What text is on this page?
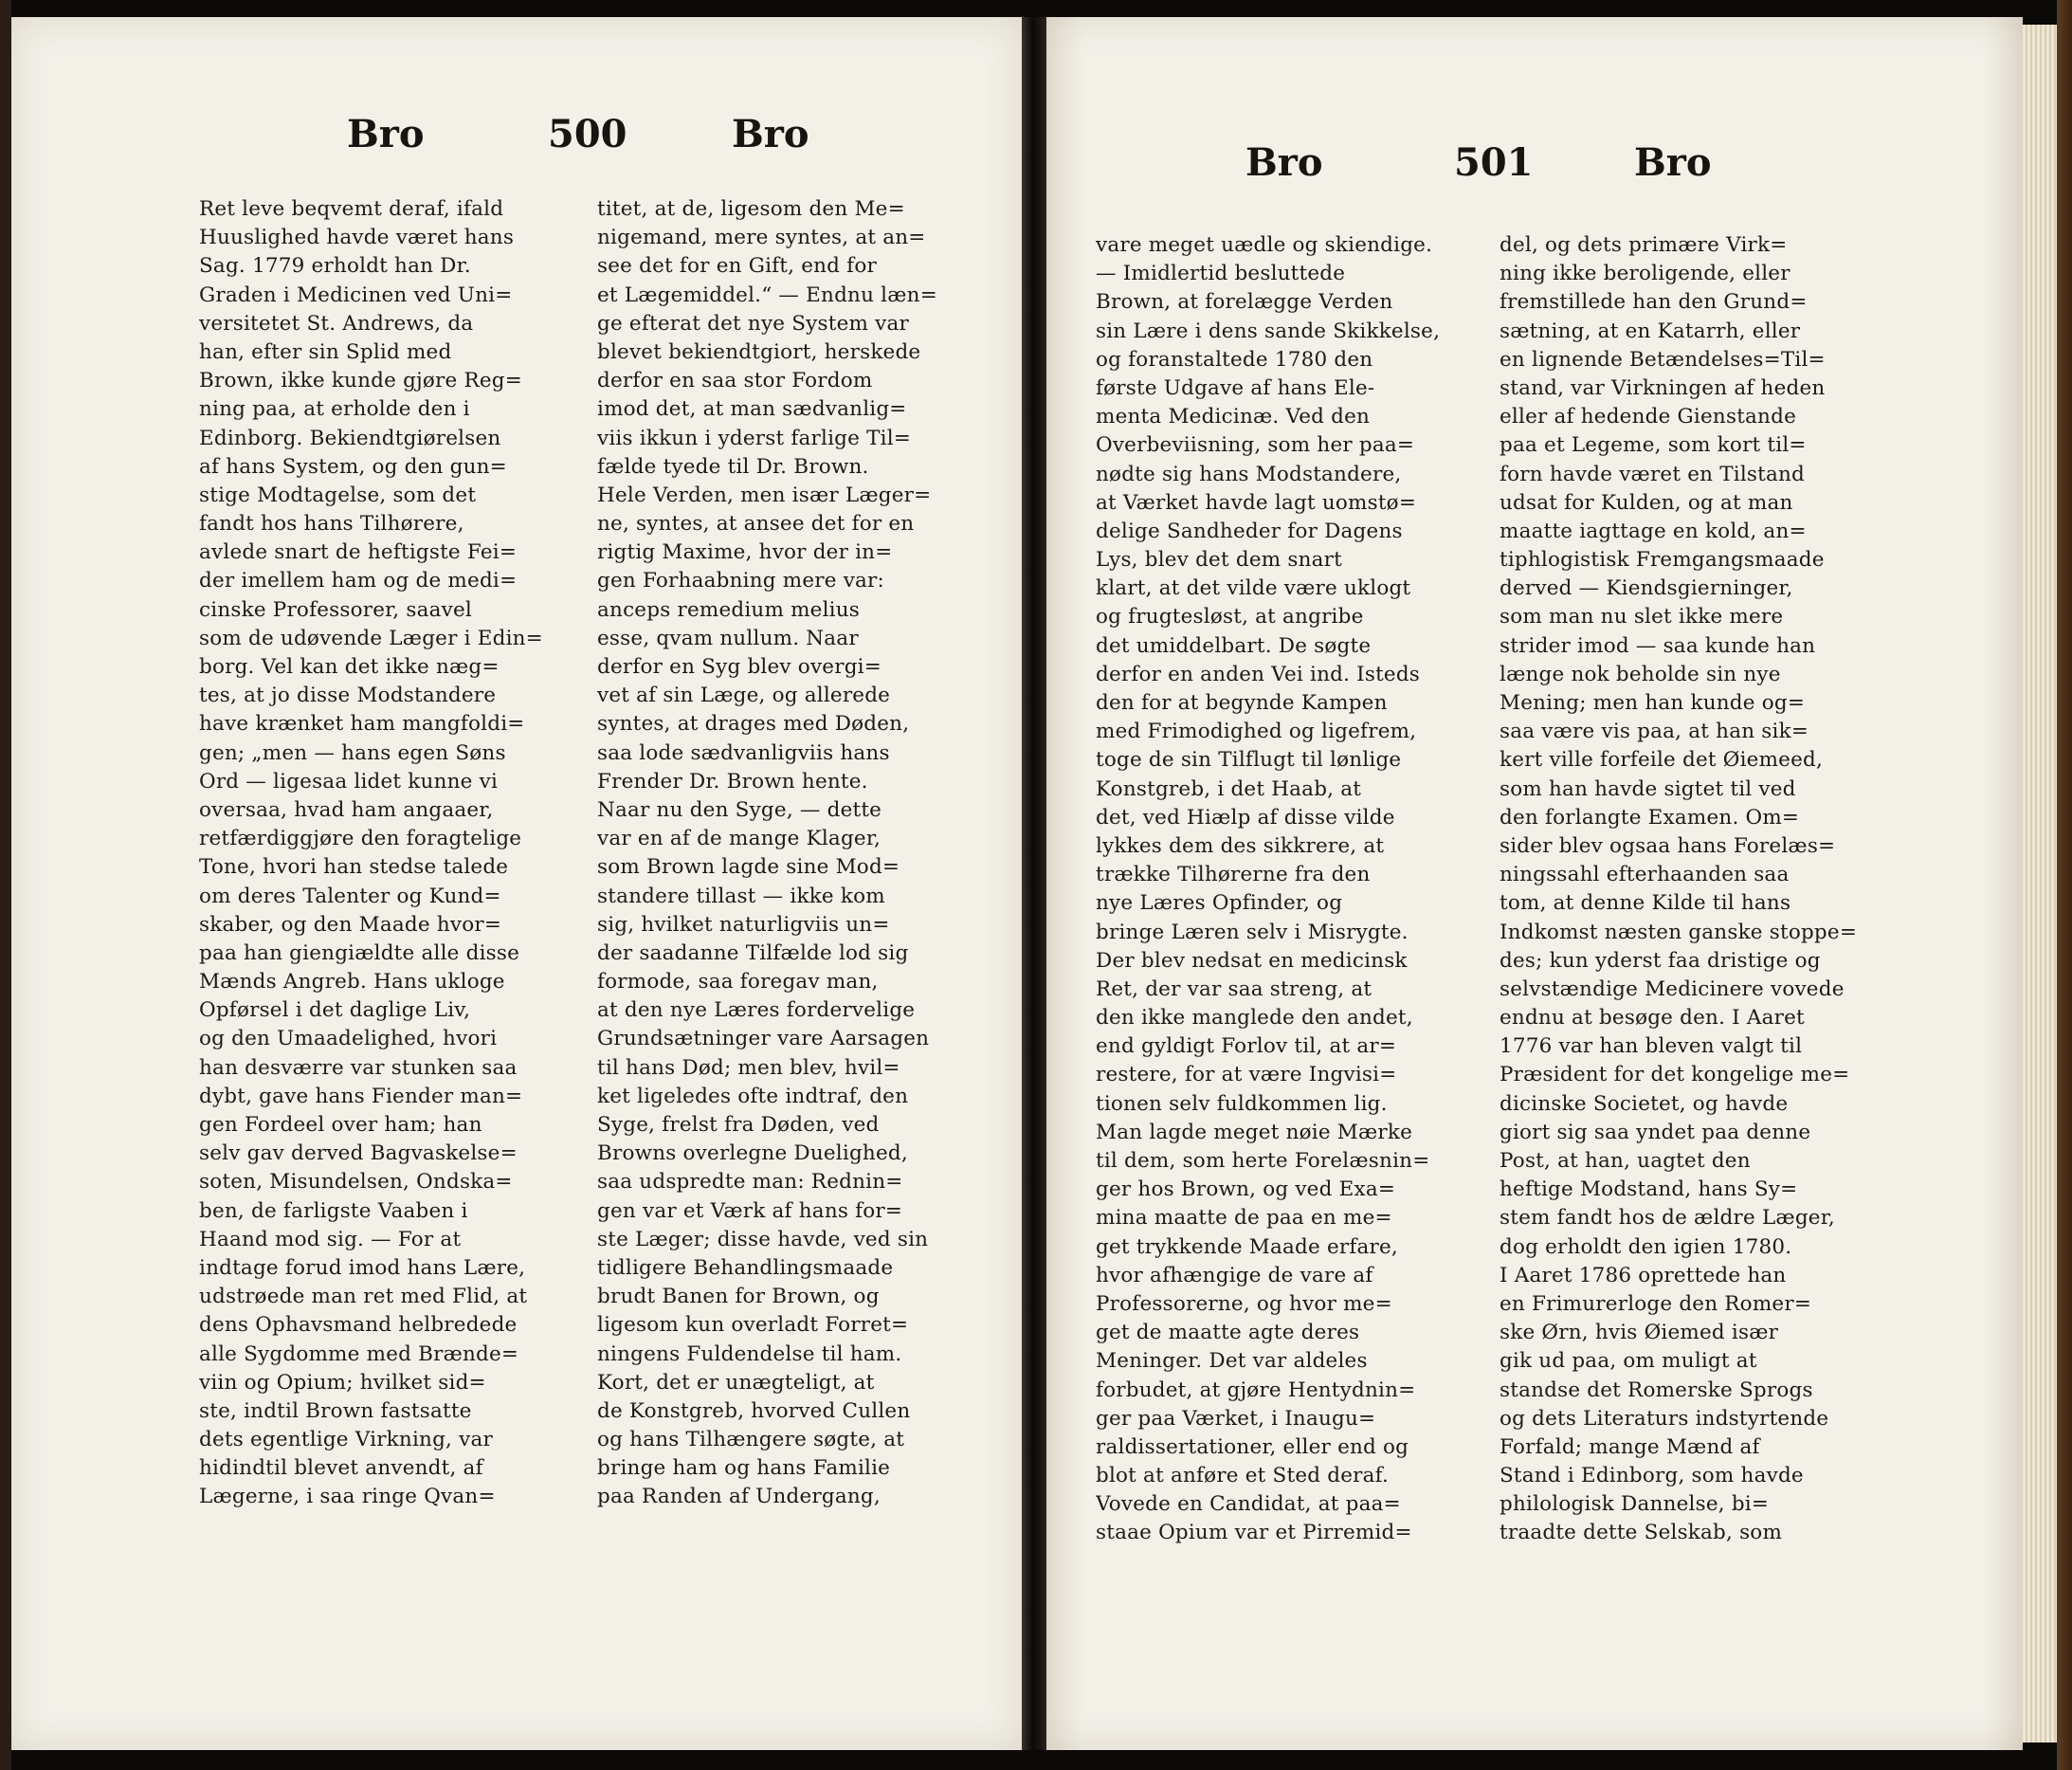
Bro	500	Bro
Ret leve beqvemt deraf, ifald
Huuslighed havde været hans
Sag. 1779 erholdt han Dr.
Graden i Medicinen ved Uni=
versitetet St. Andrews, da
han, efter sin Splid med
Brown, ikke kunde gjøre Reg=
ning paa, at erholde den i
Edinborg. Bekiendtgiørelsen
af hans System, og den gun=
stige Modtagelse, som det
fandt hos hans Tilhørere,
avlede snart de heftigste Fei=
der imellem ham og de medi=
cinske Professorer, saavel
som de udøvende Læger i Edin=
borg. Vel kan det ikke næg=
tes, at jo disse Modstandere
have krænket ham mangfoldi=
gen; „men — hans egen Søns
Ord — ligesaa lidet kunne vi
oversaa, hvad ham angaaer,
retfærdiggjøre den foragtelige
Tone, hvori han stedse talede
om deres Talenter og Kund=
skaber, og den Maade hvor=
paa han giengiældte alle disse
Mænds Angreb. Hans ukloge
Opførsel i det daglige Liv,
og den Umaadelighed, hvori
han desværre var stunken saa
dybt, gave hans Fiender man=
gen Fordeel over ham; han
selv gav derved Bagvaskelse=
soten, Misundelsen, Ondska=
ben, de farligste Vaaben i
Haand mod sig. — For at
indtage forud imod hans Lære,
udstrøede man ret med Flid, at
dens Ophavsmand helbredede
alle Sygdomme med Brænde=
viin og Opium; hvilket sid=
ste, indtil Brown fastsatte
dets egentlige Virkning, var
hidindtil blevet anvendt, af
Lægerne, i saa ringe Qvan=
titet, at de, ligesom den Me=
nigemand, mere syntes, at an=
see det for en Gift, end for
et Lægemiddel.“ — Endnu læn=
ge efterat det nye System var
blevet bekiendtgiort, herskede
derfor en saa stor Fordom
imod det, at man sædvanlig=
viis ikkun i yderst farlige Til=
fælde tyede til Dr. Brown.
Hele Verden, men især Læger=
ne, syntes, at ansee det for en
rigtig Maxime, hvor der in=
gen Forhaabning mere var:
anceps remedium melius
esse, qvam nullum. Naar
derfor en Syg blev overgi=
vet af sin Læge, og allerede
syntes, at drages med Døden,
saa lode sædvanligviis hans
Frender Dr. Brown hente.
Naar nu den Syge, — dette
var en af de mange Klager,
som Brown lagde sine Mod=
standere tillast — ikke kom
sig, hvilket naturligviis un=
der saadanne Tilfælde lod sig
formode, saa foregav man,
at den nye Læres fordervelige
Grundsætninger vare Aarsagen
til hans Død; men blev, hvil=
ket ligeledes ofte indtraf, den
Syge, frelst fra Døden, ved
Browns overlegne Duelighed,
saa udspredte man: Rednin=
gen var et Værk af hans for=
ste Læger; disse havde, ved sin
tidligere Behandlingsmaade
brudt Banen for Brown, og
ligesom kun overladt Forret=
ningens Fuldendelse til ham.
Kort, det er unægteligt, at
de Konstgreb, hvorved Cullen
og hans Tilhængere søgte, at
bringe ham og hans Familie
paa Randen af Undergang,
Bro	501	Bro
vare meget uædle og skiendige.
— Imidlertid besluttede
Brown, at forelægge Verden
sin Lære i dens sande Skikkelse,
og foranstaltede 1780 den
første Udgave af hans Ele-
menta Medicinæ. Ved den
Overbeviisning, som her paa=
nødte sig hans Modstandere,
at Værket havde lagt uomstø=
delige Sandheder for Dagens
Lys, blev det dem snart
klart, at det vilde være uklogt
og frugtesløst, at angribe
det umiddelbart. De søgte
derfor en anden Vei ind. Isteds
den for at begynde Kampen
med Frimodighed og ligefrem,
toge de sin Tilflugt til lønlige
Konstgreb, i det Haab, at
det, ved Hiælp af disse vilde
lykkes dem des sikkrere, at
trække Tilhørerne fra den
nye Læres Opfinder, og
bringe Læren selv i Misrygte.
Der blev nedsat en medicinsk
Ret, der var saa streng, at
den ikke manglede den andet,
end gyldigt Forlov til, at ar=
restere, for at være Ingvisi=
tionen selv fuldkommen lig.
Man lagde meget nøie Mærke
til dem, som herte Forelæsnin=
ger hos Brown, og ved Exa=
mina maatte de paa en me=
get trykkende Maade erfare,
hvor afhængige de vare af
Professorerne, og hvor me=
get de maatte agte deres
Meninger. Det var aldeles
forbudet, at gjøre Hentydnin=
ger paa Værket, i Inaugu=
raldissertationer, eller end og
blot at anføre et Sted deraf.
Vovede en Candidat, at paa=
staae Opium var et Pirremid=
del, og dets primære Virk=
ning ikke beroligende, eller
fremstillede han den Grund=
sætning, at en Katarrh, eller
en lignende Betændelses=Til=
stand, var Virkningen af heden
eller af hedende Gienstande
paa et Legeme, som kort til=
forn havde været en Tilstand
udsat for Kulden, og at man
maatte iagttage en kold, an=
tiphlogistisk Fremgangsmaade
derved — Kiendsgierninger,
som man nu slet ikke mere
strider imod — saa kunde han
længe nok beholde sin nye
Mening; men han kunde og=
saa være vis paa, at han sik=
kert ville forfeile det Øiemeed,
som han havde sigtet til ved
den forlangte Examen. Om=
sider blev ogsaa hans Forelæs=
ningssahl efterhaanden saa
tom, at denne Kilde til hans
Indkomst næsten ganske stoppe=
des; kun yderst faa dristige og
selvstændige Medicinere vovede
endnu at besøge den. I Aaret
1776 var han bleven valgt til
Præsident for det kongelige me=
dicinske Societet, og havde
giort sig saa yndet paa denne
Post, at han, uagtet den
heftige Modstand, hans Sy=
stem fandt hos de ældre Læger,
dog erholdt den igien 1780.
I Aaret 1786 oprettede han
en Frimurerloge den Romer=
ske Ørn, hvis Øiemed især
gik ud paa, om muligt at
standse det Romerske Sprogs
og dets Literaturs indstyrtende
Forfald; mange Mænd af
Stand i Edinborg, som havde
philologisk Dannelse, bi=
traadte dette Selskab, som
